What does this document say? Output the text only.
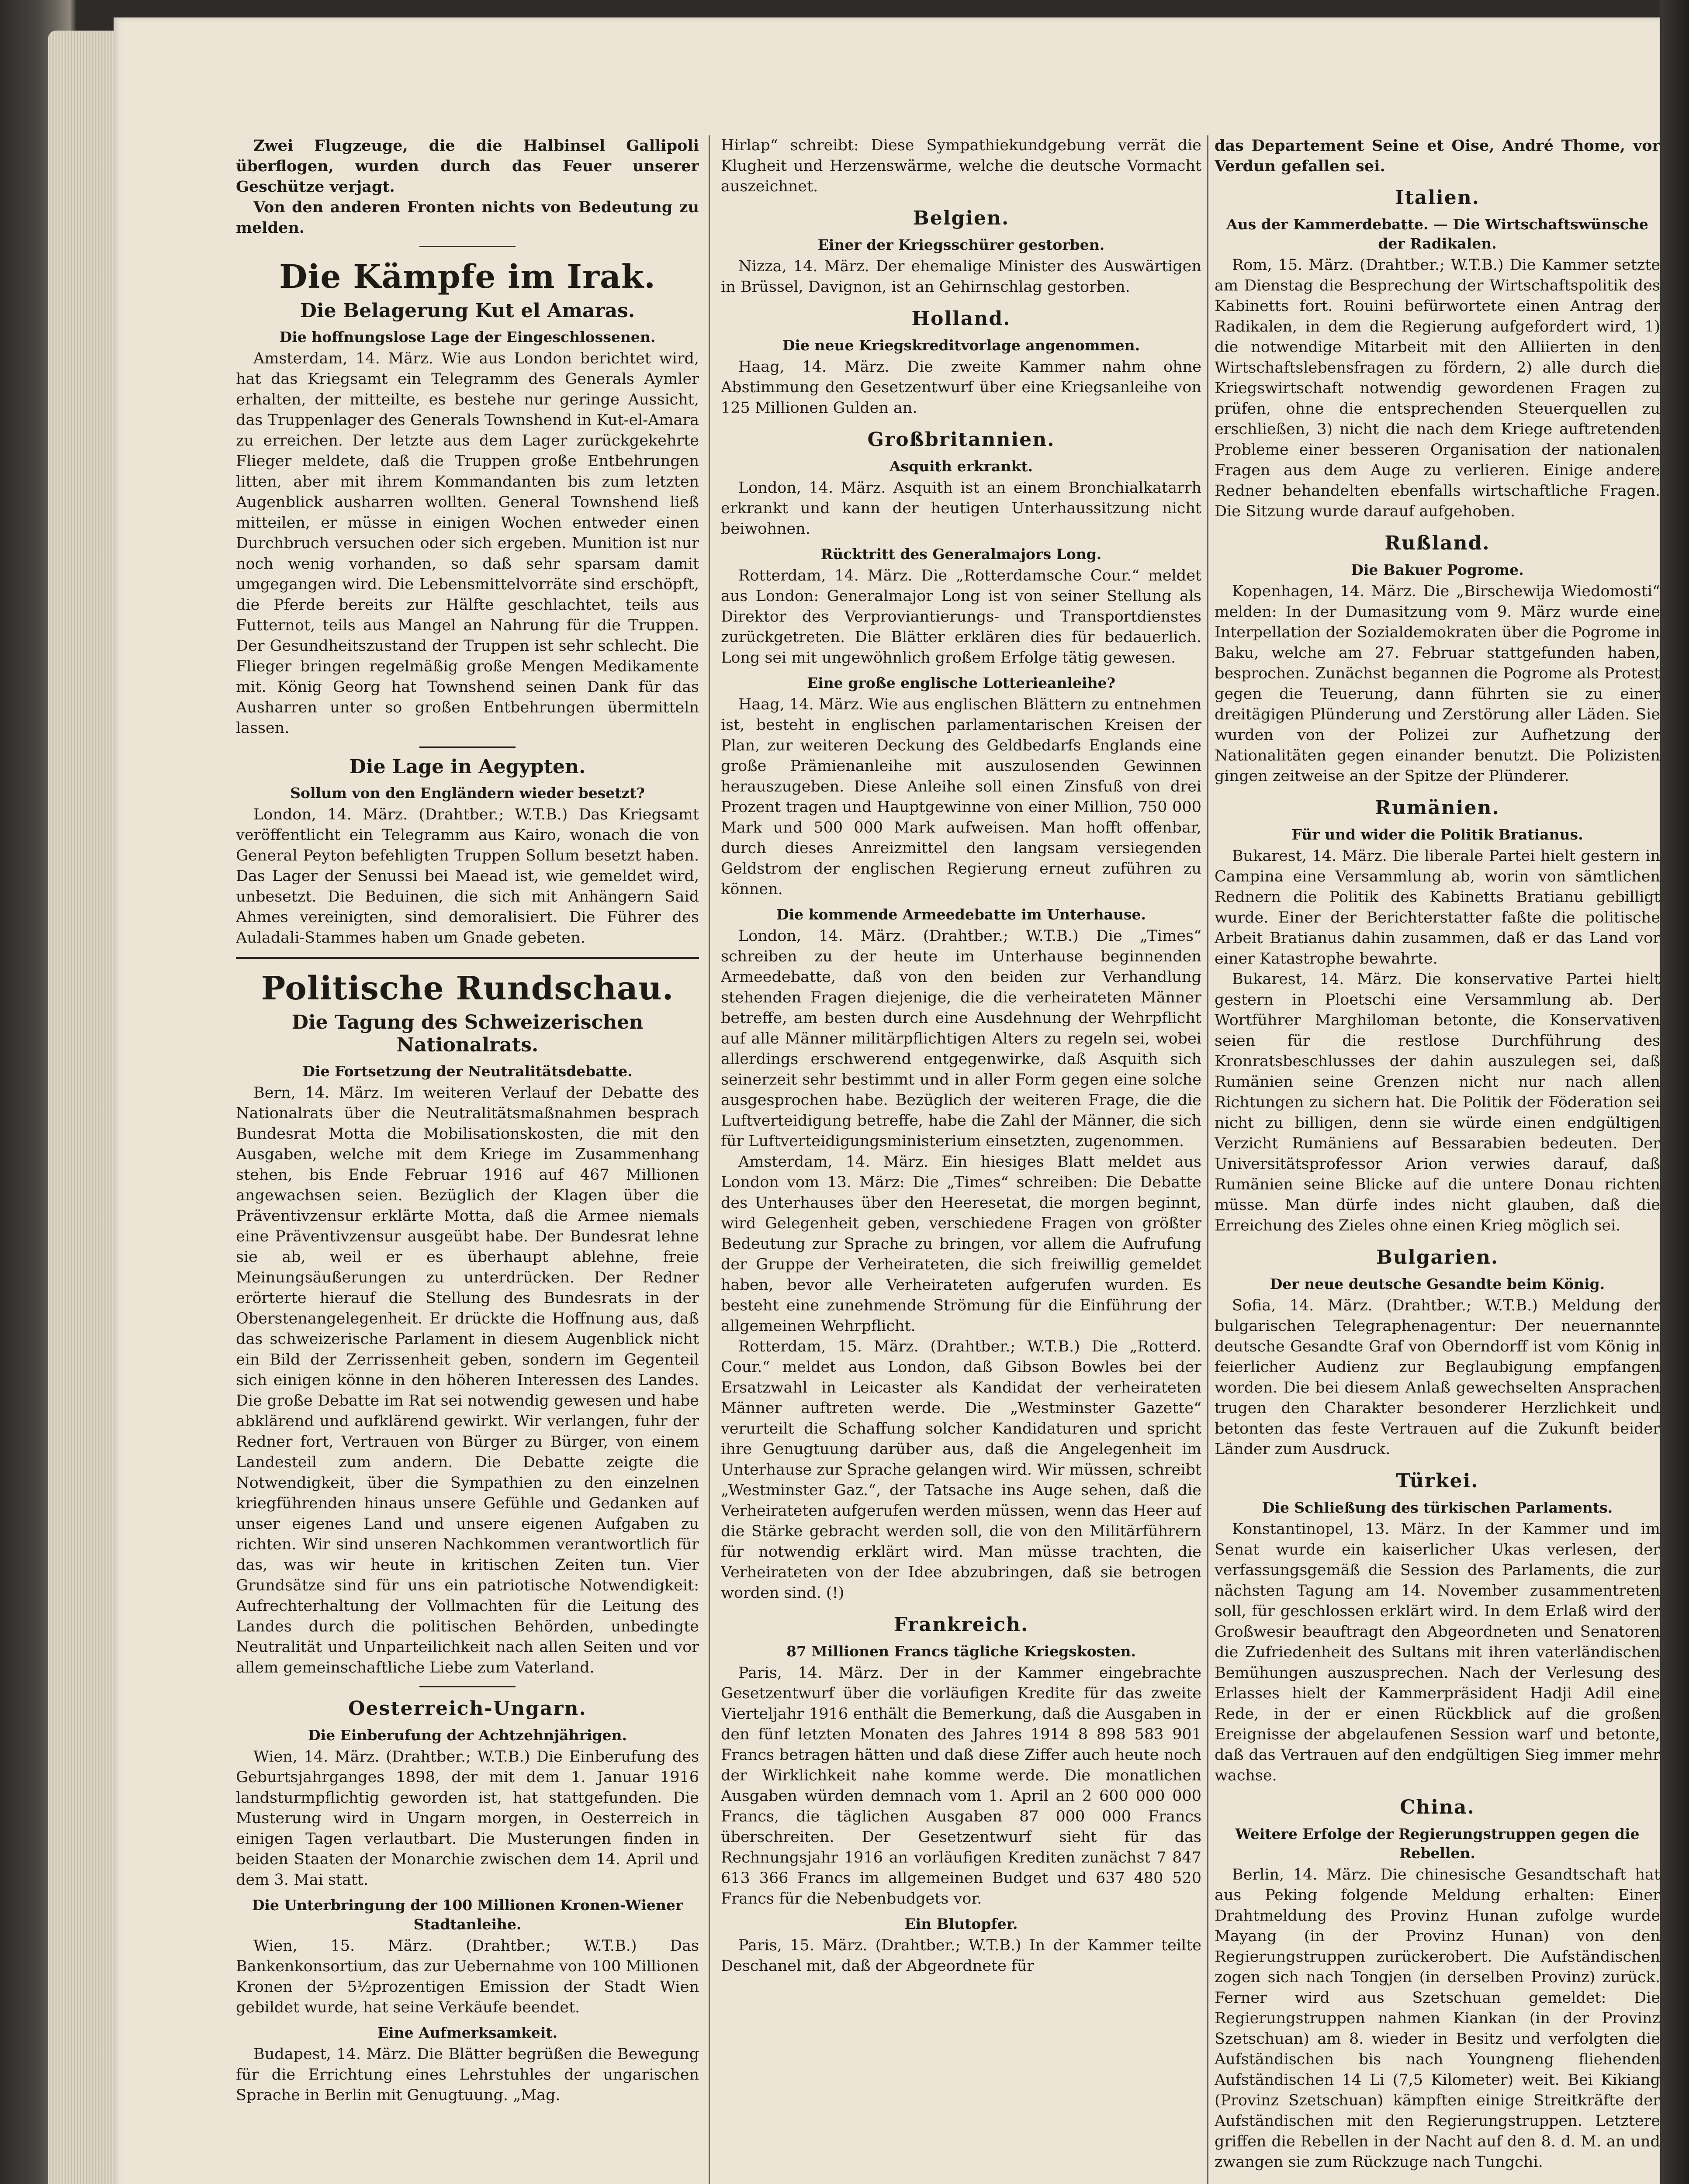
Zwei Flugzeuge, die die Halbinsel Gallipoli überflogen, wurden durch das Feuer unserer Geschütze verjagt.

Von den anderen Fronten nichts von Bedeutung zu melden.

Die Kämpfe im Irak.
Die Belagerung Kut el Amaras.
Die hoffnungslose Lage der Eingeschlossenen.

Amsterdam, 14. März. Wie aus London berichtet wird, hat das Kriegsamt ein Telegramm des Generals Aymler erhalten, der mitteilte, es bestehe nur geringe Aussicht, das Truppenlager des Generals Townshend in Kut-el-Amara zu erreichen. Der letzte aus dem Lager zurückgekehrte Flieger meldete, daß die Truppen große Entbehrungen litten, aber mit ihrem Kommandanten bis zum letzten Augenblick ausharren wollten. General Townshend ließ mitteilen, er müsse in einigen Wochen entweder einen Durchbruch versuchen oder sich ergeben. Munition ist nur noch wenig vorhanden, so daß sehr sparsam damit umgegangen wird. Die Lebensmittelvorräte sind erschöpft, die Pferde bereits zur Hälfte geschlachtet, teils aus Futternot, teils aus Mangel an Nahrung für die Truppen. Der Gesundheitszustand der Truppen ist sehr schlecht. Die Flieger bringen regelmäßig große Mengen Medikamente mit. König Georg hat Townshend seinen Dank für das Ausharren unter so großen Entbehrungen übermitteln lassen.

Die Lage in Aegypten.
Sollum von den Engländern wieder besetzt?

London, 14. März. (Drahtber.; W.T.B.) Das Kriegsamt veröffentlicht ein Telegramm aus Kairo, wonach die von General Peyton befehligten Truppen Sollum besetzt haben. Das Lager der Senussi bei Maead ist, wie gemeldet wird, unbesetzt. Die Beduinen, die sich mit Anhängern Said Ahmes vereinigten, sind demoralisiert. Die Führer des Auladali-Stammes haben um Gnade gebeten.

Politische Rundschau.
Die Tagung des Schweizerischen Nationalrats.
Die Fortsetzung der Neutralitätsdebatte.

Bern, 14. März. Im weiteren Verlauf der Debatte des Nationalrats über die Neutralitätsmaßnahmen besprach Bundesrat Motta die Mobilisationskosten, die mit den Ausgaben, welche mit dem Kriege im Zusammenhang stehen, bis Ende Februar 1916 auf 467 Millionen angewachsen seien. Bezüglich der Klagen über die Präventivzensur erklärte Motta, daß die Armee niemals eine Präventivzensur ausgeübt habe. Der Bundesrat lehne sie ab, weil er es überhaupt ablehne, freie Meinungsäußerungen zu unterdrücken. Der Redner erörterte hierauf die Stellung des Bundesrats in der Oberstenangelegenheit. Er drückte die Hoffnung aus, daß das schweizerische Parlament in diesem Augenblick nicht ein Bild der Zerrissenheit geben, sondern im Gegenteil sich einigen könne in den höheren Interessen des Landes. Die große Debatte im Rat sei notwendig gewesen und habe abklärend und aufklärend gewirkt. Wir verlangen, fuhr der Redner fort, Vertrauen von Bürger zu Bürger, von einem Landesteil zum andern. Die Debatte zeigte die Notwendigkeit, über die Sympathien zu den einzelnen kriegführenden hinaus unsere Gefühle und Gedanken auf unser eigenes Land und unsere eigenen Aufgaben zu richten. Wir sind unseren Nachkommen verantwortlich für das, was wir heute in kritischen Zeiten tun. Vier Grundsätze sind für uns ein patriotische Notwendigkeit: Aufrechterhaltung der Vollmachten für die Leitung des Landes durch die politischen Behörden, unbedingte Neutralität und Unparteilichkeit nach allen Seiten und vor allem gemeinschaftliche Liebe zum Vaterland.

Oesterreich-Ungarn.
Die Einberufung der Achtzehnjährigen.

Wien, 14. März. (Drahtber.; W.T.B.) Die Einberufung des Geburtsjahrganges 1898, der mit dem 1. Januar 1916 landsturmpflichtig geworden ist, hat stattgefunden. Die Musterung wird in Ungarn morgen, in Oesterreich in einigen Tagen verlautbart. Die Musterungen finden in beiden Staaten der Monarchie zwischen dem 14. April und dem 3. Mai statt.

Die Unterbringung der 100 Millionen Kronen-Wiener Stadtanleihe.

Wien, 15. März. (Drahtber.; W.T.B.) Das Bankenkonsortium, das zur Uebernahme von 100 Millionen Kronen der 5½prozentigen Emission der Stadt Wien gebildet wurde, hat seine Verkäufe beendet.

Eine Aufmerksamkeit.

Budapest, 14. März. Die Blätter begrüßen die Bewegung für die Errichtung eines Lehrstuhles der ungarischen Sprache in Berlin mit Genugtuung. „Mag.

Hirlap“ schreibt: Diese Sympathiekundgebung verrät die Klugheit und Herzenswärme, welche die deutsche Vormacht auszeichnet.

Belgien.
Einer der Kriegsschürer gestorben.

Nizza, 14. März. Der ehemalige Minister des Auswärtigen in Brüssel, Davignon, ist an Gehirnschlag gestorben.

Holland.
Die neue Kriegskreditvorlage angenommen.

Haag, 14. März. Die zweite Kammer nahm ohne Abstimmung den Gesetzentwurf über eine Kriegsanleihe von 125 Millionen Gulden an.

Großbritannien.
Asquith erkrankt.

London, 14. März. Asquith ist an einem Bronchialkatarrh erkrankt und kann der heutigen Unterhaussitzung nicht beiwohnen.

Rücktritt des Generalmajors Long.

Rotterdam, 14. März. Die „Rotterdamsche Cour.“ meldet aus London: Generalmajor Long ist von seiner Stellung als Direktor des Verproviantierungs- und Transportdienstes zurückgetreten. Die Blätter erklären dies für bedauerlich. Long sei mit ungewöhnlich großem Erfolge tätig gewesen.

Eine große englische Lotterieanleihe?

Haag, 14. März. Wie aus englischen Blättern zu entnehmen ist, besteht in englischen parlamentarischen Kreisen der Plan, zur weiteren Deckung des Geldbedarfs Englands eine große Prämienanleihe mit auszulosenden Gewinnen herauszugeben. Diese Anleihe soll einen Zinsfuß von drei Prozent tragen und Hauptgewinne von einer Million, 750 000 Mark und 500 000 Mark aufweisen. Man hofft offenbar, durch dieses Anreizmittel den langsam versiegenden Geldstrom der englischen Regierung erneut zuführen zu können.

Die kommende Armeedebatte im Unterhause.

London, 14. März. (Drahtber.; W.T.B.) Die „Times“ schreiben zu der heute im Unterhause beginnenden Armeedebatte, daß von den beiden zur Verhandlung stehenden Fragen diejenige, die die verheirateten Männer betreffe, am besten durch eine Ausdehnung der Wehrpflicht auf alle Männer militärpflichtigen Alters zu regeln sei, wobei allerdings erschwerend entgegenwirke, daß Asquith sich seinerzeit sehr bestimmt und in aller Form gegen eine solche ausgesprochen habe. Bezüglich der weiteren Frage, die die Luftverteidigung betreffe, habe die Zahl der Männer, die sich für Luftverteidigungsministerium einsetzten, zugenommen.

Amsterdam, 14. März. Ein hiesiges Blatt meldet aus London vom 13. März: Die „Times“ schreiben: Die Debatte des Unterhauses über den Heeresetat, die morgen beginnt, wird Gelegenheit geben, verschiedene Fragen von größter Bedeutung zur Sprache zu bringen, vor allem die Aufrufung der Gruppe der Verheirateten, die sich freiwillig gemeldet haben, bevor alle Verheirateten aufgerufen wurden. Es besteht eine zunehmende Strömung für die Einführung der allgemeinen Wehrpflicht.

Rotterdam, 15. März. (Drahtber.; W.T.B.) Die „Rotterd. Cour.“ meldet aus London, daß Gibson Bowles bei der Ersatzwahl in Leicaster als Kandidat der verheirateten Männer auftreten werde. Die „Westminster Gazette“ verurteilt die Schaffung solcher Kandidaturen und spricht ihre Genugtuung darüber aus, daß die Angelegenheit im Unterhause zur Sprache gelangen wird. Wir müssen, schreibt „Westminster Gaz.“, der Tatsache ins Auge sehen, daß die Verheirateten aufgerufen werden müssen, wenn das Heer auf die Stärke gebracht werden soll, die von den Militärführern für notwendig erklärt wird. Man müsse trachten, die Verheirateten von der Idee abzubringen, daß sie betrogen worden sind. (!)

Frankreich.
87 Millionen Francs tägliche Kriegskosten.

Paris, 14. März. Der in der Kammer eingebrachte Gesetzentwurf über die vorläufigen Kredite für das zweite Vierteljahr 1916 enthält die Bemerkung, daß die Ausgaben in den fünf letzten Monaten des Jahres 1914 8 898 583 901 Francs betragen hätten und daß diese Ziffer auch heute noch der Wirklichkeit nahe komme werde. Die monatlichen Ausgaben würden demnach vom 1. April an 2 600 000 000 Francs, die täglichen Ausgaben 87 000 000 Francs überschreiten. Der Gesetzentwurf sieht für das Rechnungsjahr 1916 an vorläufigen Krediten zunächst 7 847 613 366 Francs im allgemeinen Budget und 637 480 520 Francs für die Nebenbudgets vor.

Ein Blutopfer.

Paris, 15. März. (Drahtber.; W.T.B.) In der Kammer teilte Deschanel mit, daß der Abgeordnete für

das Departement Seine et Oise, André Thome, vor Verdun gefallen sei.

Italien.
Aus der Kammerdebatte. — Die Wirtschaftswünsche der Radikalen.

Rom, 15. März. (Drahtber.; W.T.B.) Die Kammer setzte am Dienstag die Besprechung der Wirtschaftspolitik des Kabinetts fort. Rouini befürwortete einen Antrag der Radikalen, in dem die Regierung aufgefordert wird, 1) die notwendige Mitarbeit mit den Alliierten in den Wirtschaftslebensfragen zu fördern, 2) alle durch die Kriegswirtschaft notwendig gewordenen Fragen zu prüfen, ohne die entsprechenden Steuerquellen zu erschließen, 3) nicht die nach dem Kriege auftretenden Probleme einer besseren Organisation der nationalen Fragen aus dem Auge zu verlieren. Einige andere Redner behandelten ebenfalls wirtschaftliche Fragen. Die Sitzung wurde darauf aufgehoben.

Rußland.
Die Bakuer Pogrome.

Kopenhagen, 14. März. Die „Birschewija Wiedomosti“ melden: In der Dumasitzung vom 9. März wurde eine Interpellation der Sozialdemokraten über die Pogrome in Baku, welche am 27. Februar stattgefunden haben, besprochen. Zunächst begannen die Pogrome als Protest gegen die Teuerung, dann führten sie zu einer dreitägigen Plünderung und Zerstörung aller Läden. Sie wurden von der Polizei zur Aufhetzung der Nationalitäten gegen einander benutzt. Die Polizisten gingen zeitweise an der Spitze der Plünderer.

Rumänien.
Für und wider die Politik Bratianus.

Bukarest, 14. März. Die liberale Partei hielt gestern in Campina eine Versammlung ab, worin von sämtlichen Rednern die Politik des Kabinetts Bratianu gebilligt wurde. Einer der Berichterstatter faßte die politische Arbeit Bratianus dahin zusammen, daß er das Land vor einer Katastrophe bewahrte.

Bukarest, 14. März. Die konservative Partei hielt gestern in Ploetschi eine Versammlung ab. Der Wortführer Marghiloman betonte, die Konservativen seien für die restlose Durchführung des Kronratsbeschlusses der dahin auszulegen sei, daß Rumänien seine Grenzen nicht nur nach allen Richtungen zu sichern hat. Die Politik der Föderation sei nicht zu billigen, denn sie würde einen endgültigen Verzicht Rumäniens auf Bessarabien bedeuten. Der Universitätsprofessor Arion verwies darauf, daß Rumänien seine Blicke auf die untere Donau richten müsse. Man dürfe indes nicht glauben, daß die Erreichung des Zieles ohne einen Krieg möglich sei.

Bulgarien.
Der neue deutsche Gesandte beim König.

Sofia, 14. März. (Drahtber.; W.T.B.) Meldung der bulgarischen Telegraphenagentur: Der neuernannte deutsche Gesandte Graf von Oberndorff ist vom König in feierlicher Audienz zur Beglaubigung empfangen worden. Die bei diesem Anlaß gewechselten Ansprachen trugen den Charakter besonderer Herzlichkeit und betonten das feste Vertrauen auf die Zukunft beider Länder zum Ausdruck.

Türkei.
Die Schließung des türkischen Parlaments.

Konstantinopel, 13. März. In der Kammer und im Senat wurde ein kaiserlicher Ukas verlesen, der verfassungsgemäß die Session des Parlaments, die zur nächsten Tagung am 14. November zusammentreten soll, für geschlossen erklärt wird. In dem Erlaß wird der Großwesir beauftragt den Abgeordneten und Senatoren die Zufriedenheit des Sultans mit ihren vaterländischen Bemühungen auszusprechen. Nach der Verlesung des Erlasses hielt der Kammerpräsident Hadji Adil eine Rede, in der er einen Rückblick auf die großen Ereignisse der abgelaufenen Session warf und betonte, daß das Vertrauen auf den endgültigen Sieg immer mehr wachse.

China.
Weitere Erfolge der Regierungstruppen gegen die Rebellen.

Berlin, 14. März. Die chinesische Gesandtschaft hat aus Peking folgende Meldung erhalten: Einer Drahtmeldung des Provinz Hunan zufolge wurde Mayang (in der Provinz Hunan) von den Regierungstruppen zurückerobert. Die Aufständischen zogen sich nach Tongjen (in derselben Provinz) zurück. Ferner wird aus Szetschuan gemeldet: Die Regierungstruppen nahmen Kiankan (in der Provinz Szetschuan) am 8. wieder in Besitz und verfolgten die Aufständischen bis nach Youngneng fliehenden Aufständischen 14 Li (7,5 Kilometer) weit. Bei Kikiang (Provinz Szetschuan) kämpften einige Streitkräfte der Aufständischen mit den Regierungstruppen. Letztere griffen die Rebellen in der Nacht auf den 8. d. M. an und zwangen sie zum Rückzuge nach Tungchi.
